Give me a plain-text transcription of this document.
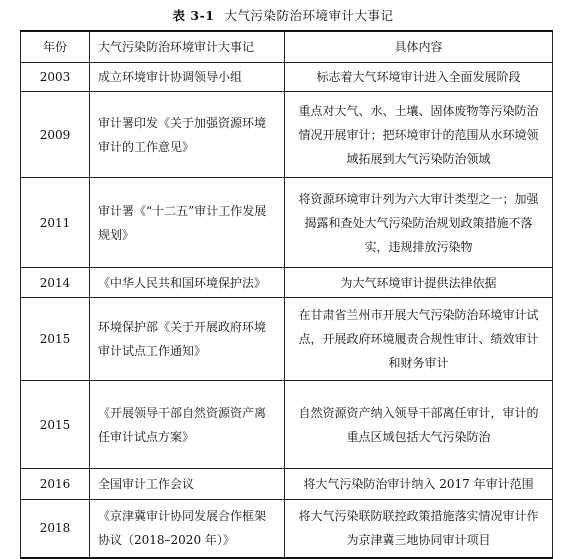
表 3-1 大气污染防治环境审计大事记
年份	大气污染防治环境审计大事记	具体内容
2003	成立环境审计协调领导小组	标志着大气环境审计进入全面发展阶段
2009	审计署印发《关于加强资源环境审计的工作意见》	重点对大气、水、土壤、固体废物等污染防治情况开展审计；把环境审计的范围从水环境领域拓展到大气污染防治领域
2011	审计署《“十二五”审计工作发展规划》	将资源环境审计列为六大审计类型之一；加强揭露和查处大气污染防治规划政策措施不落实，违规排放污染物
2014	《中华人民共和国环境保护法》	为大气环境审计提供法律依据
2015	环境保护部《关于开展政府环境审计试点工作通知》	在甘肃省兰州市开展大气污染防治环境审计试点，开展政府环境履责合规性审计、绩效审计和财务审计
2015	《开展领导干部自然资源资产离任审计试点方案》	自然资源资产纳入领导干部离任审计，审计的重点区域包括大气污染防治
2016	全国审计工作会议	将大气污染防治审计纳入 2017 年审计范围
2018	《京津冀审计协同发展合作框架协议（2018–2020 年）》	将大气污染联防联控政策措施落实情况审计作为京津冀三地协同审计项目
